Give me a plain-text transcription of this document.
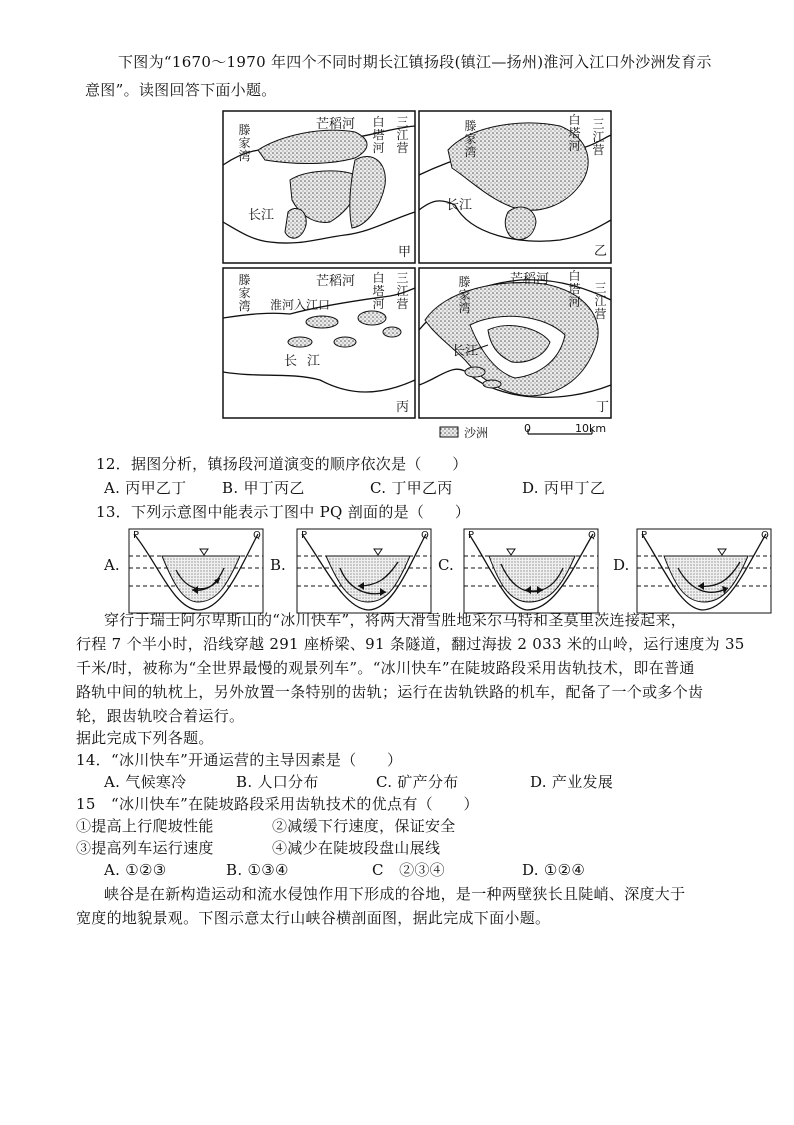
下图为“1670～1970 年四个不同时期长江镇扬段(镇江—扬州)淮河入江口外沙洲发育示
意图”。读图回答下面小题。
滕家湾
芒稻河 白塔河
三江营
长江
甲
滕家湾
白塔河
三江营
长江
乙
滕家湾
芒稻河 白塔河
三江营
淮河入江口
长江
丙
滕家湾
芒稻河 白塔河
三江营
长江
丁
沙洲	0	10km
12．据图分析，镇扬段河道演变的顺序依次是（　　）
A. 丙甲乙丁 B. 甲丁丙乙	C. 丁甲乙丙	D. 丙甲丁乙
13．下列示意图中能表示丁图中 PQ 剖面的是（　　）
A.	B.	C.	D.
P	Q	P	Q	P	Q	P	Q
穿行于瑞士阿尔卑斯山的“冰川快车”，将两大滑雪胜地采尔马特和圣莫里茨连接起来，
行程 7 个半小时，沿线穿越 291 座桥梁、91 条隧道，翻过海拔 2 033 米的山岭，运行速度为 35
千米/时，被称为“全世界最慢的观景列车”。“冰川快车”在陡坡路段采用齿轨技术，即在普通
路轨中间的轨枕上，另外放置一条特别的齿轨；运行在齿轨铁路的机车，配备了一个或多个齿
轮，跟齿轨咬合着运行。
据此完成下列各题。
14．“冰川快车”开通运营的主导因素是（　　）
A. 气候寒冷	B. 人口分布	C. 矿产分布	D. 产业发展
15　“冰川快车”在陡坡路段采用齿轨技术的优点有（　　）
①提高上行爬坡性能	②减缓下行速度，保证安全
③提高列车运行速度	④减少在陡坡段盘山展线
A. ①②③	B. ①③④	C　②③④	D. ①②④
峡谷是在新构造运动和流水侵蚀作用下形成的谷地，是一种两壁狭长且陡峭、深度大于
宽度的地貌景观。下图示意太行山峡谷横剖面图，据此完成下面小题。
